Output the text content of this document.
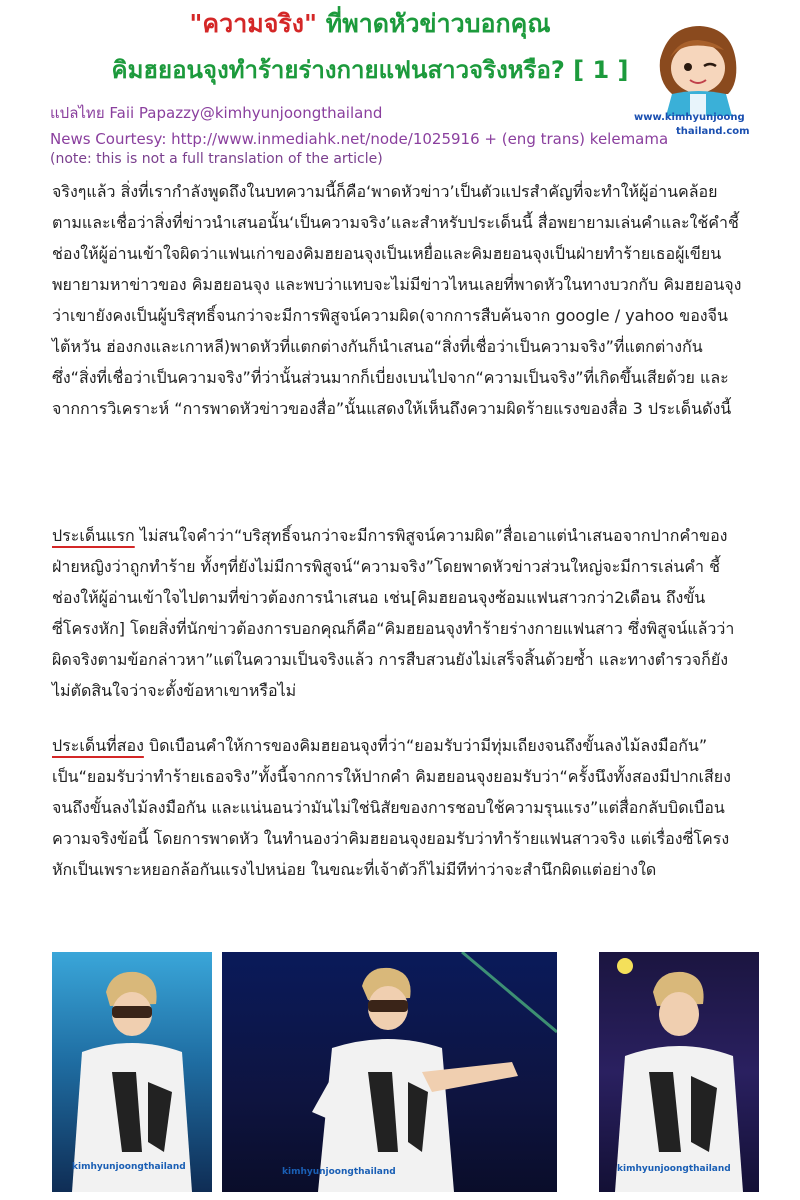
"ความจริง" ที่พาดหัวข่าวบอกคุณ
คิมฮยอนจุงทำร้ายร่างกายแฟนสาวจริงหรือ? [ 1 ]
www.kimhyunjoong
thailand.com
แปลไทย Faii Papazzy@kimhyunjoongthailand
News Courtesy: http://www.inmediahk.net/node/1025916 + (eng trans) kelemama
(note: this is not a full translation of the article)
จริงๆแล้ว สิ่งที่เรากำลังพูดถึงในบทความนี้ก็คือ‘พาดหัวข่าว’เป็นตัวแปรสำคัญที่จะทำให้ผู้อ่านคล้อยตามและเชื่อว่าสิ่งที่ข่าวนำเสนอนั้น‘เป็นความจริง’และสำหรับประเด็นนี้ สื่อพยายามเล่นคำและใช้คำชี้ช่องให้ผู้อ่านเข้าใจผิดว่าแฟนเก่าของคิมฮยอนจุงเป็นเหยื่อและคิมฮยอนจุงเป็นฝ่ายทำร้ายเธอผู้เขียนพยายามหาข่าวของ คิมฮยอนจุง และพบว่าแทบจะไม่มีข่าวไหนเลยที่พาดหัวในทางบวกกับ คิมฮยอนจุง ว่าเขายังคงเป็นผู้บริสุทธิ์จนกว่าจะมีการพิสูจน์ความผิด(จากการสืบค้นจาก google / yahoo ของจีน ไต้หวัน ฮ่องกงและเกาหลี)พาดหัวที่แตกต่างกันก็นำเสนอ“สิ่งที่เชื่อว่าเป็นความจริง”ที่แตกต่างกัน ซึ่ง“สิ่งที่เชื่อว่าเป็นความจริง”ที่ว่านั้นส่วนมากก็เบี่ยงเบนไปจาก“ความเป็นจริง”ที่เกิดขึ้นเสียด้วย และจากการวิเคราะห์ “การพาดหัวข่าวของสื่อ”นั้นแสดงให้เห็นถึงความผิดร้ายแรงของสื่อ 3 ประเด็นดังนี้
ประเด็นแรก ไม่สนใจคำว่า“บริสุทธิ์จนกว่าจะมีการพิสูจน์ความผิด”สื่อเอาแต่นำเสนอจากปากคำของฝ่ายหญิงว่าถูกทำร้าย ทั้งๆที่ยังไม่มีการพิสูจน์“ความจริง”โดยพาดหัวข่าวส่วนใหญ่จะมีการเล่นคำ ชี้ช่องให้ผู้อ่านเข้าใจไปตามที่ข่าวต้องการนำเสนอ เช่น[คิมฮยอนจุงซ้อมแฟนสาวกว่า2เดือน ถึงขั้นซี่โครงหัก] โดยสิ่งที่นักข่าวต้องการบอกคุณก็คือ“คิมฮยอนจุงทำร้ายร่างกายแฟนสาว ซึ่งพิสูจน์แล้วว่าผิดจริงตามข้อกล่าวหา”แต่ในความเป็นจริงแล้ว การสืบสวนยังไม่เสร็จสิ้นด้วยซ้ำ และทางตำรวจก็ยังไม่ตัดสินใจว่าจะตั้งข้อหาเขาหรือไม่
ประเด็นที่สอง บิดเบือนคำให้การของคิมฮยอนจุงที่ว่า“ยอมรับว่ามีทุ่มเถียงจนถึงขั้นลงไม้ลงมือกัน” เป็น“ยอมรับว่าทำร้ายเธอจริง”ทั้งนี้จากการให้ปากคำ คิมฮยอนจุงยอมรับว่า“ครั้งนึงทั้งสองมีปากเสียงจนถึงขั้นลงไม้ลงมือกัน และแน่นอนว่ามันไม่ใช่นิสัยของการชอบใช้ความรุนแรง”แต่สื่อกลับบิดเบือนความจริงข้อนี้ โดยการพาดหัว ในทำนองว่าคิมฮยอนจุงยอมรับว่าทำร้ายแฟนสาวจริง แต่เรื่องซี่โครงหักเป็นเพราะหยอกล้อกันแรงไปหน่อย ในขณะที่เจ้าตัวก็ไม่มีทีท่าว่าจะสำนึกผิดแต่อย่างใด
kimhyunjoongthailand	kimhyunjoongthailand	kimhyunjoongthailand
